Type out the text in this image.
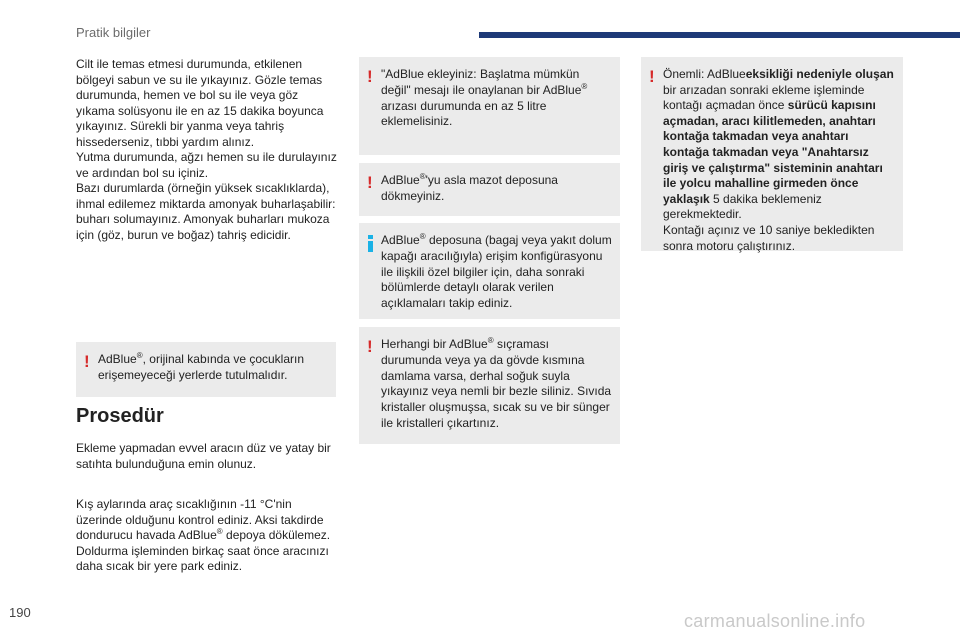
Pratik bilgiler

Cilt ile temas etmesi durumunda, etkilenen bölgeyi sabun ve su ile yıkayınız. Gözle temas durumunda, hemen ve bol su ile veya göz yıkama solüsyonu ile en az 15 dakika boyunca yıkayınız. Sürekli bir yanma veya tahriş hissederseniz, tıbbi yardım alınız.

Yutma durumunda, ağzı hemen su ile durulayınız ve ardından bol su içiniz.

Bazı durumlarda (örneğin yüksek sıcaklıklarda), ihmal edilemez miktarda amonyak buharlaşabilir: buharı solumayınız. Amonyak buharları mukoza için (göz, burun ve boğaz) tahriş edicidir.

! AdBlue®, orijinal kabında ve çocukların erişemeyeceği yerlerde tutulmalıdır.
Prosedür
Ekleme yapmadan evvel aracın düz ve yatay bir satıhta bulunduğuna emin olunuz.
Kış aylarında araç sıcaklığının -11 °C'nin üzerinde olduğunu kontrol ediniz. Aksi takdirde dondurucu havada AdBlue® depoya dökülemez. Doldurma işleminden birkaç saat önce aracınızı daha sıcak bir yere park ediniz.
! "AdBlue ekleyiniz: Başlatma mümkün değil" mesajı ile onaylanan bir AdBlue® arızası durumunda en az 5 litre eklemelisiniz.
! AdBlue®'yu asla mazot deposuna dökmeyiniz.
AdBlue® deposuna (bagaj veya yakıt dolum kapağı aracılığıyla) erişim konfigürasyonu ile ilişkili özel bilgiler için, daha sonraki bölümlerde detaylı olarak verilen açıklamaları takip ediniz.
! Herhangi bir AdBlue® sıçraması durumunda veya ya da gövde kısmına damlama varsa, derhal soğuk suyla yıkayınız veya nemli bir bezle siliniz. Sıvıda kristaller oluşmuşsa, sıcak su ve bir sünger ile kristalleri çıkartınız.
! Önemli: AdBlueeksikliği nedeniyle oluşan bir arızadan sonraki ekleme işleminde kontağı açmadan önce sürücü kapısını açmadan, aracı kilitlemeden, anahtarı kontağa takmadan veya anahtarı kontağa takmadan veya "Anahtarsız giriş ve çalıştırma" sisteminin anahtarı ile yolcu mahalline girmeden önce yaklaşık 5 dakika beklemeniz gerekmektedir.
Kontağı açınız ve 10 saniye bekledikten sonra motoru çalıştırınız.
190	carmanualsonline.info
